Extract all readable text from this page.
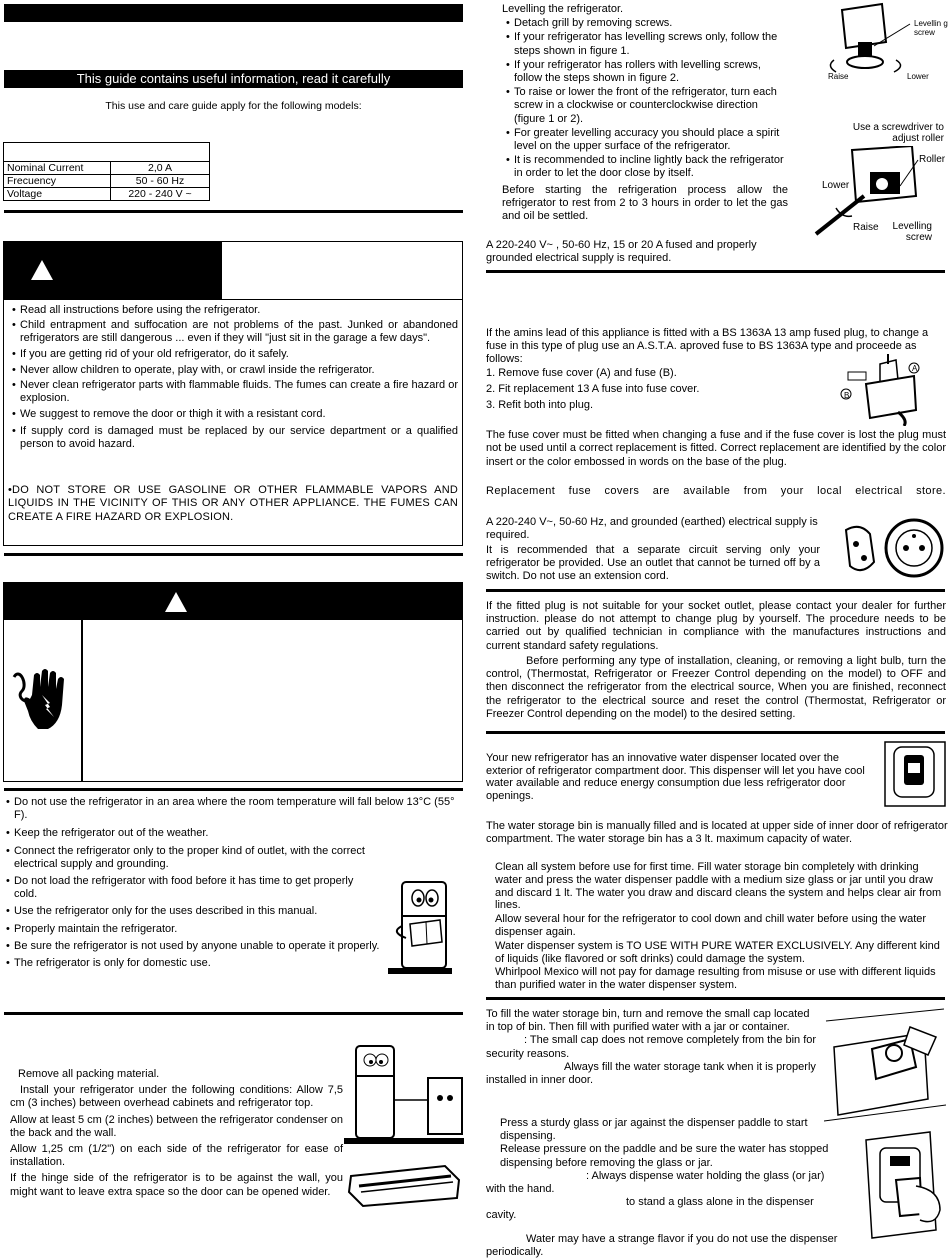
This guide contains useful information, read it carefully
This use and care guide apply for the following models:

Nominal Current	2,0 A
Frecuency	50 - 60 Hz
Voltage	220 - 240 V ~
• Read all instructions before using the refrigerator.
• Child entrapment and suffocation are not problems of the past. Junked or abandoned refrigerators are still dangerous ... even if they will "just sit in the garage a few days".
• If you are getting rid of your old refrigerator, do it safely.
• Never allow children to operate, play with, or crawl inside the refrigerator.
• Never clean refrigerator parts with flammable fluids. The fumes can create a fire hazard or explosion.
• We suggest to remove the door or thigh it with a resistant cord.
• If supply cord is damaged must be replaced by our service department or a qualified person to avoid hazard.
•DO NOT STORE OR USE GASOLINE OR OTHER FLAMMABLE VAPORS AND LIQUIDS IN THE VICINITY OF THIS OR ANY OTHER APPLIANCE. THE FUMES CAN CREATE A FIRE HAZARD OR EXPLOSION.
• Do not use the refrigerator in an area where the room temperature will fall below 13°C (55° F).
• Keep the refrigerator out of the weather.
• Connect the refrigerator only to the proper kind of outlet, with the correct electrical supply and grounding.
• Do not load the refrigerator with food before it has time to get properly cold.
• Use the refrigerator only for the uses described in this manual.
• Properly maintain the refrigerator.
• Be sure the refrigerator is not used by anyone unable to operate it properly.
• The refrigerator is only for domestic use.

Remove all packing material.

Install your refrigerator under the following conditions: Allow 7,5 cm (3 inches) between overhead cabinets and refrigerator top.

Allow at least 5 cm (2 inches) between the refrigerator condenser on the back and the wall.

Allow 1,25 cm (1/2") on each side of the refrigerator for ease of installation.

If the hinge side of the refrigerator is to be against the wall, you might want to leave extra space so the door can be opened wider.

Levelling the refrigerator.
• Detach grill by removing screws.
• If your refrigerator has levelling screws only, follow the steps shown in figure 1.
• If your refrigerator has rollers with levelling screws, follow the steps shown in figure 2.
• To raise or lower the front of the refrigerator, turn each screw in a clockwise or counterclockwise direction (figure 1 or 2).
• For greater levelling accuracy you should place a spirit level on the upper surface of the refrigerator.
• It is recommended to incline lightly back the refrigerator in order to let the door close by itself.
Before starting the refrigeration process allow the refrigerator to rest from 2 to 3 hours in order to let the gas and oil be settled.
Levellin g screw
Raise	Lower
Use a screwdriver to adjust roller
Roller
Lower
Raise	Levelling screw
A 220-240 V~ , 50-60 Hz, 15 or 20 A fused and properly grounded electrical supply is required.
If the amins lead of this appliance is fitted with a BS 1363A 13 amp fused plug, to change a fuse in this type of plug use an A.S.T.A. aproved fuse to BS 1363A type and proceede as follows:
1. Remove fuse cover (A) and fuse (B).
2. Fit replacement 13 A fuse into fuse cover.
3. Refit both into plug.
A
B
The fuse cover must be fitted when changing a fuse and if the fuse cover is lost the plug must not be used until a correct replacement is fitted. Correct replacement are identified by the color insert or the color embossed in words on the base of the plug.
Replacement fuse covers are available from your local electrical store.
A 220-240 V~, 50-60 Hz, and grounded (earthed) electrical supply is required.
It is recommended that a separate circuit serving only your refrigerator be provided. Use an outlet that cannot be turned off by a switch. Do not use an extension cord.
If the fitted plug is not suitable for your socket outlet, please contact your dealer for further instruction. please do not attempt to change plug by yourself. The procedure needs to be carried out by qualified technician in compliance with the manufactures instructions and current standard safety regulations.
Before performing any type of installation, cleaning, or removing a light bulb, turn the control, (Thermostat, Refrigerator or Freezer Control depending on the model) to OFF and then disconnect the refrigerator from the electrical source, When you are finished, reconnect the refrigerator to the electrical source and reset the control (Thermostat, Refrigerator or Freezer Control depending on the model) to the desired setting.
Your new refrigerator has an innovative water dispenser located over the exterior of refrigerator compartment door. This dispenser will let you have cool water available and reduce energy consumption due less refrigerator door openings.
The water storage bin is manually filled and is located at upper side of inner door of refrigerator compartment. The water storage bin has a 3 lt. maximum capacity of water.

Clean all system before use for first time. Fill water storage bin completely with drinking water and press the water dispenser paddle with a medium size glass or jar until you draw and discard 1 lt. The water you draw and discard cleans the system and helps clear air from lines.

Allow several hour for the refrigerator to cool down and chill water before using the water dispenser again.

Water dispenser system is TO USE WITH PURE WATER EXCLUSIVELY. Any different kind of liquids (like flavored or soft drinks) could damage the system.

Whirlpool Mexico will not pay for damage resulting from misuse or use with different liquids than purified water in the water dispenser system.

To fill the water storage bin, turn and remove the small cap located in top of bin. Then fill with purified water with a jar or container.

: The small cap does not remove completely from the bin for security reasons.

Always fill the water storage tank when it is properly installed in inner door.

Press a sturdy glass or jar against the dispenser paddle to start dispensing.

Release pressure on the paddle and be sure the water has stopped dispensing before removing the glass or jar.

: Always dispense water holding the glass (or jar) with the hand.

to stand a glass alone in the dispenser cavity.

Water may have a strange flavor if you do not use the dispenser periodically.
